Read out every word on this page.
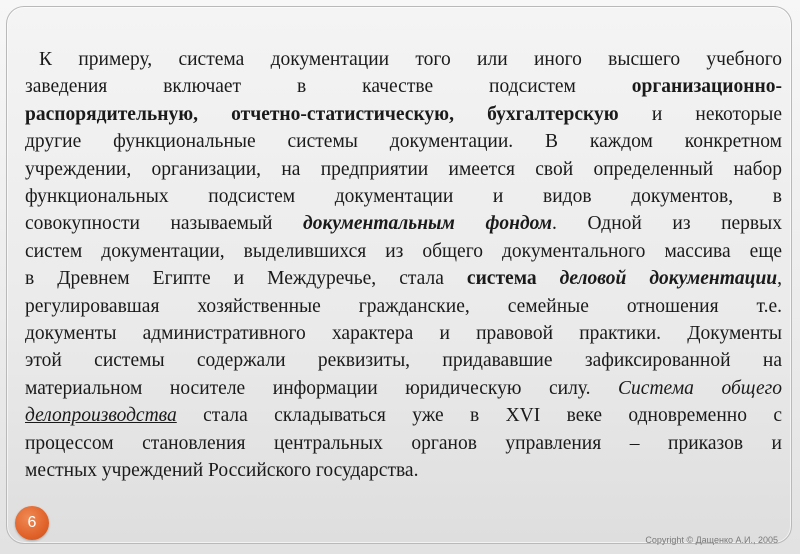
К примеру, система документации того или иного высшего учебного
заведения включает в качестве подсистем организационно-
распорядительную, отчетно-статистическую, бухгалтерскую и некоторые
другие функциональные системы документации. В каждом конкретном
учреждении, организации, на предприятии имеется свой определенный набор
функциональных подсистем документации и видов документов, в
совокупности называемый документальным фондом. Одной из первых
систем документации, выделившихся из общего документального массива еще
в Древнем Египте и Междуречье, стала система деловой документации,
регулировавшая хозяйственные гражданские, семейные отношения т.е.
документы административного характера и правовой практики. Документы
этой системы содержали реквизиты, придававшие зафиксированной на
материальном носителе информации юридическую силу. Система общего
делопроизводства стала складываться уже в XVI веке одновременно с
процессом становления центральных органов управления – приказов и
местных учреждений Российского государства.
6
Copyright © Дащенко А.И., 2005
